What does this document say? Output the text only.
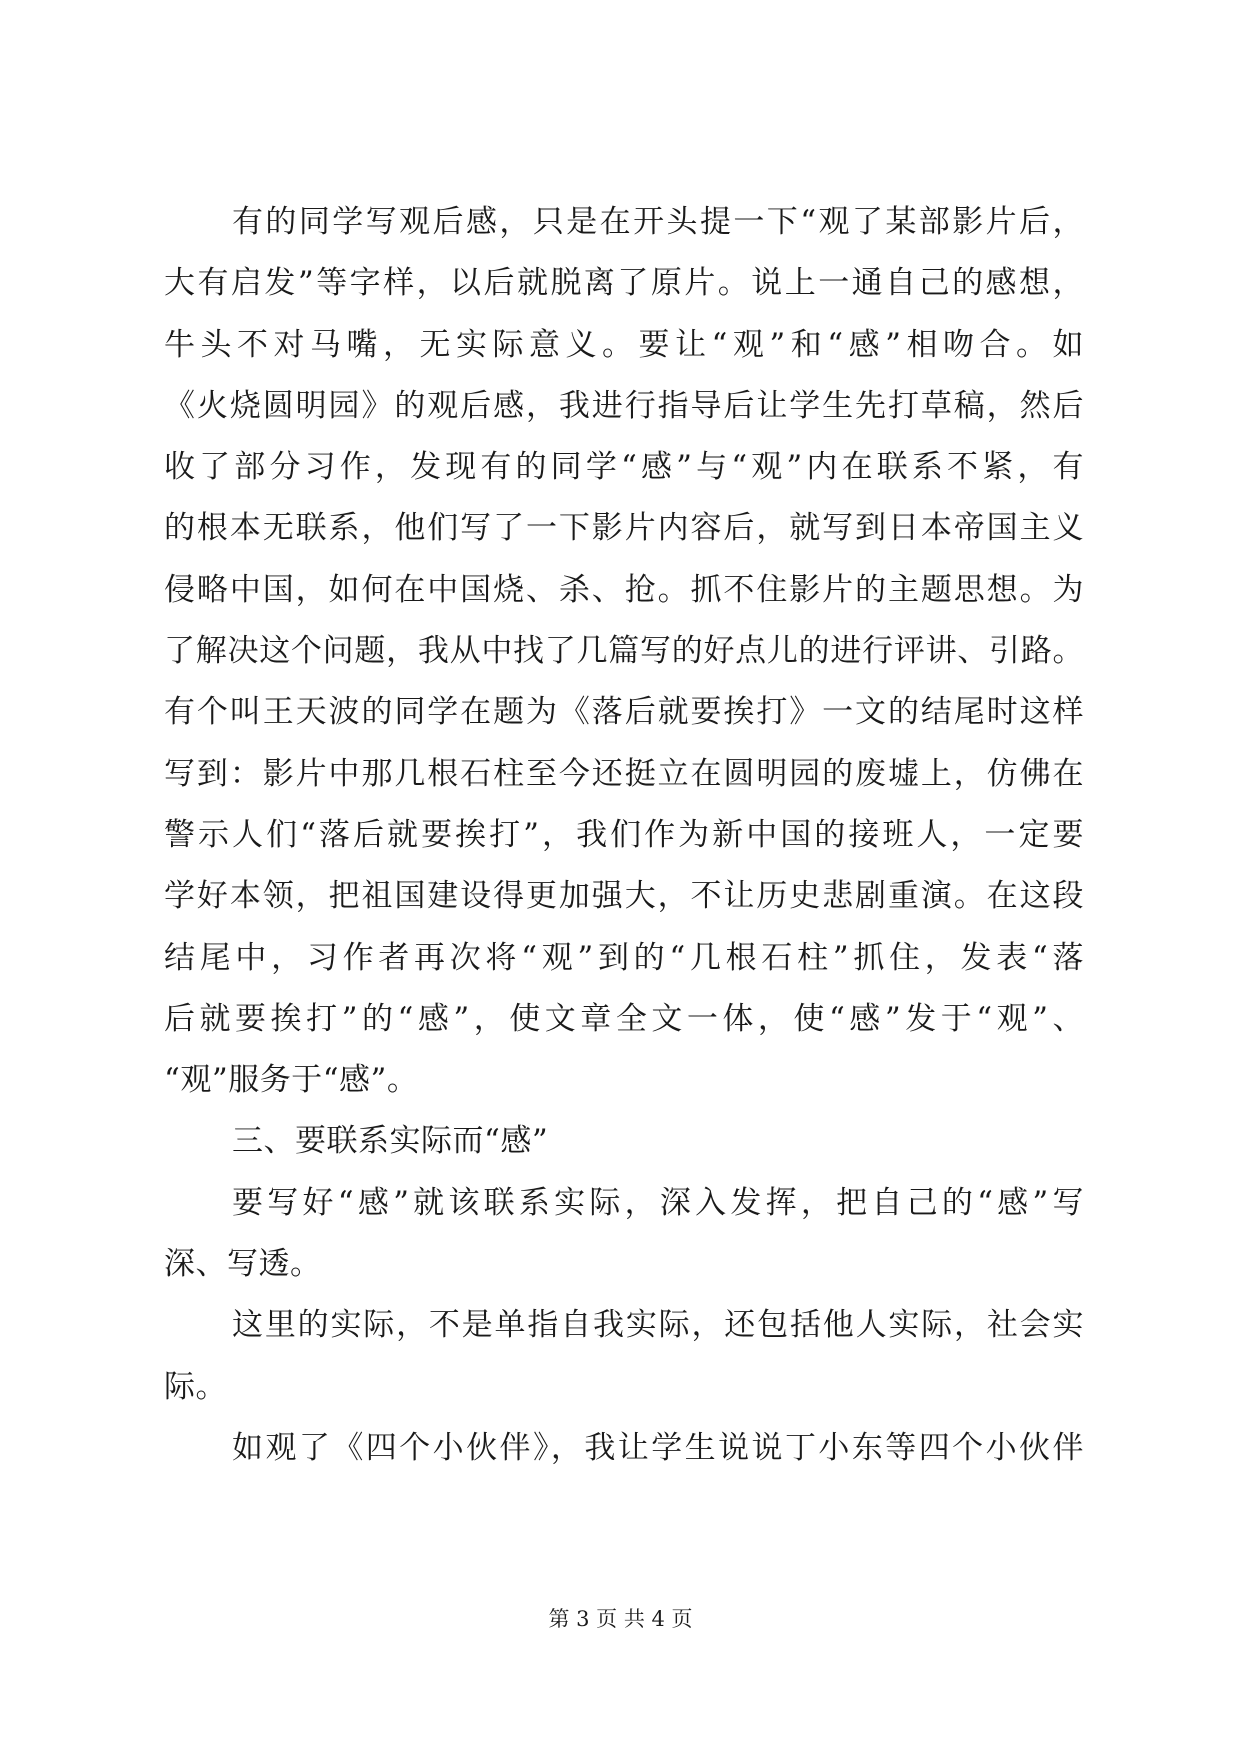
有的同学写观后感，只是在开头提一下“观了某部影片后，
大有启发”等字样，以后就脱离了原片。说上一通自己的感想，
牛头不对马嘴，无实际意义。要让“观”和“感”相吻合。如
《火烧圆明园》的观后感，我进行指导后让学生先打草稿，然后
收了部分习作，发现有的同学“感”与“观”内在联系不紧，有
的根本无联系，他们写了一下影片内容后，就写到日本帝国主义
侵略中国，如何在中国烧、杀、抢。抓不住影片的主题思想。为
了解决这个问题，我从中找了几篇写的好点儿的进行评讲、引路。
有个叫王天波的同学在题为《落后就要挨打》一文的结尾时这样
写到：影片中那几根石柱至今还挺立在圆明园的废墟上，仿佛在
警示人们“落后就要挨打”，我们作为新中国的接班人，一定要
学好本领，把祖国建设得更加强大，不让历史悲剧重演。在这段
结尾中，习作者再次将“观”到的“几根石柱”抓住，发表“落
后就要挨打”的“感”，使文章全文一体，使“感”发于“观”、
“观”服务于“感”。
三、要联系实际而“感”
要写好“感”就该联系实际，深入发挥，把自己的“感”写
深、写透。
这里的实际，不是单指自我实际，还包括他人实际，社会实
际。
如观了《四个小伙伴》，我让学生说说丁小东等四个小伙伴
第 3 页 共 4 页
